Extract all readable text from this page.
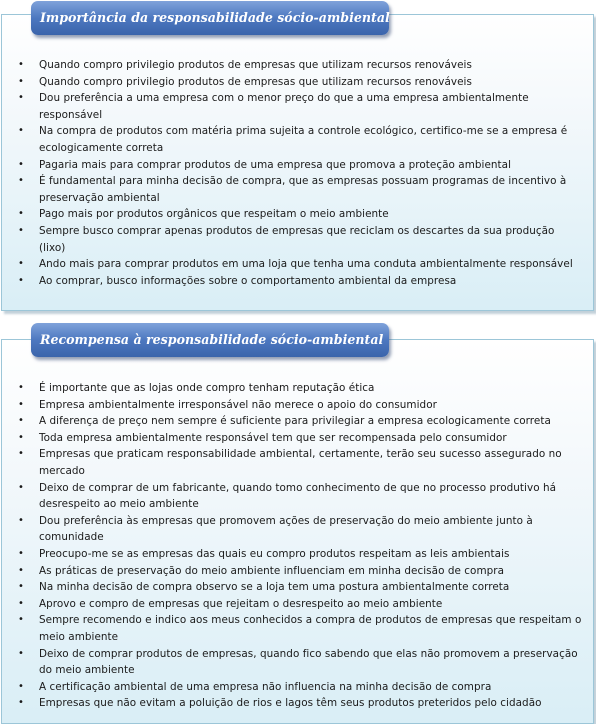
Importância da responsabilidade sócio-ambiental
• Quando compro privilegio produtos de empresas que utilizam recursos renováveis
• Quando compro privilegio produtos de empresas que utilizam recursos renováveis
• Dou preferência a uma empresa com o menor preço do que a uma empresa ambientalmente responsável
• Na compra de produtos com matéria prima sujeita a controle ecológico, certifico-me se a empresa é ecologicamente correta
• Pagaria mais para comprar produtos de uma empresa que promova a proteção ambiental
• É fundamental para minha decisão de compra, que as empresas possuam programas de incentivo à preservação ambiental
• Pago mais por produtos orgânicos que respeitam o meio ambiente
• Sempre busco comprar apenas produtos de empresas que reciclam os descartes da sua produção (lixo)
• Ando mais para comprar produtos em uma loja que tenha uma conduta ambientalmente responsável
• Ao comprar, busco informações sobre o comportamento ambiental da empresa
Recompensa à responsabilidade sócio-ambiental
• É importante que as lojas onde compro tenham reputação ética
• Empresa ambientalmente irresponsável não merece o apoio do consumidor
• A diferença de preço nem sempre é suficiente para privilegiar a empresa ecologicamente correta
• Toda empresa ambientalmente responsável tem que ser recompensada pelo consumidor
• Empresas que praticam responsabilidade ambiental, certamente, terão seu sucesso assegurado no mercado
• Deixo de comprar de um fabricante, quando tomo conhecimento de que no processo produtivo há desrespeito ao meio ambiente
• Dou preferência às empresas que promovem ações de preservação do meio ambiente junto à comunidade
• Preocupo-me se as empresas das quais eu compro produtos respeitam as leis ambientais
• As práticas de preservação do meio ambiente influenciam em minha decisão de compra
• Na minha decisão de compra observo se a loja tem uma postura ambientalmente correta
• Aprovo e compro de empresas que rejeitam o desrespeito ao meio ambiente
• Sempre recomendo e indico aos meus conhecidos a compra de produtos de empresas que respeitam o meio ambiente
• Deixo de comprar produtos de empresas, quando fico sabendo que elas não promovem a preservação do meio ambiente
• A certificação ambiental de uma empresa não influencia na minha decisão de compra
• Empresas que não evitam a poluição de rios e lagos têm seus produtos preteridos pelo cidadão
